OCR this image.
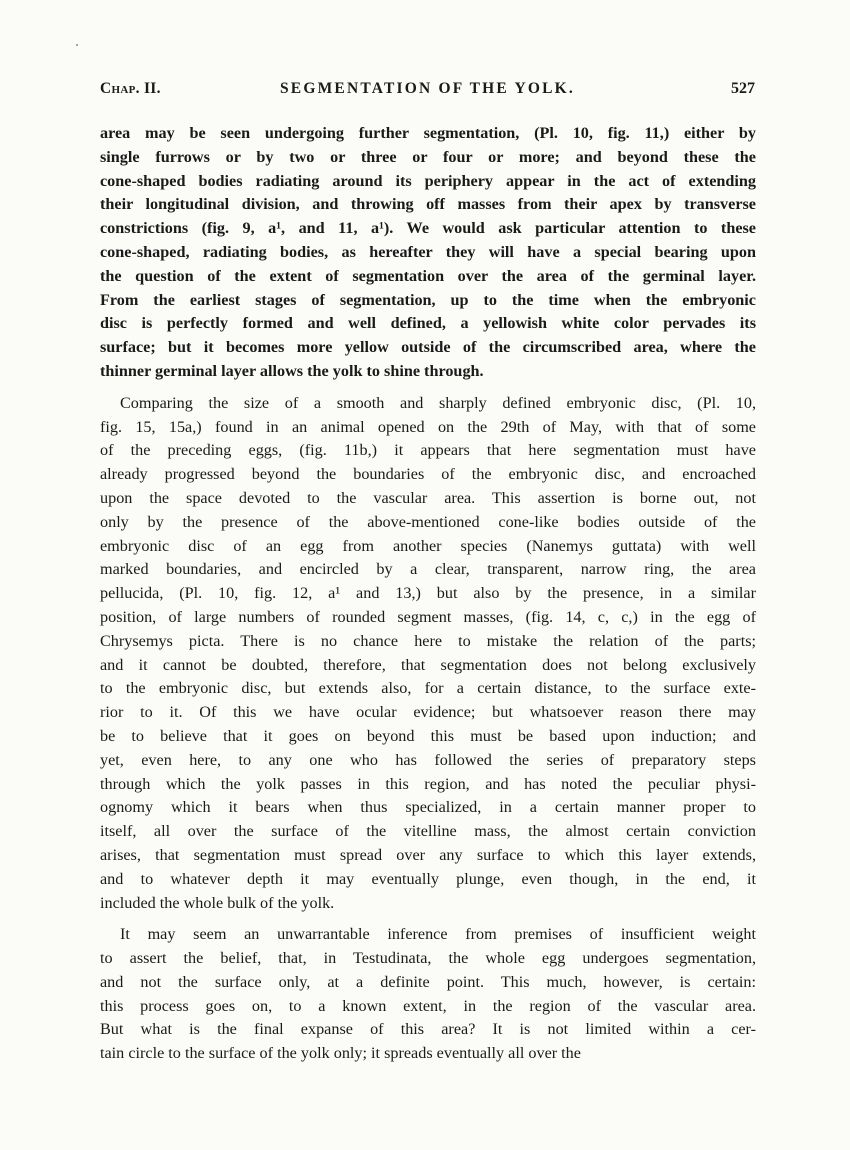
Chap. II.	SEGMENTATION OF THE YOLK.	527
area may be seen undergoing further segmentation, (Pl. 10, fig. 11,) either by
single furrows or by two or three or four or more; and beyond these the
cone-shaped bodies radiating around its periphery appear in the act of extending
their longitudinal division, and throwing off masses from their apex by transverse
constrictions (fig. 9, a¹, and 11, a¹). We would ask particular attention to these
cone-shaped, radiating bodies, as hereafter they will have a special bearing upon
the question of the extent of segmentation over the area of the germinal layer.
From the earliest stages of segmentation, up to the time when the embryonic
disc is perfectly formed and well defined, a yellowish white color pervades its
surface; but it becomes more yellow outside of the circumscribed area, where the
thinner germinal layer allows the yolk to shine through.
Comparing the size of a smooth and sharply defined embryonic disc, (Pl. 10,
fig. 15, 15a,) found in an animal opened on the 29th of May, with that of some
of the preceding eggs, (fig. 11b,) it appears that here segmentation must have
already progressed beyond the boundaries of the embryonic disc, and encroached
upon the space devoted to the vascular area. This assertion is borne out, not
only by the presence of the above-mentioned cone-like bodies outside of the
embryonic disc of an egg from another species (Nanemys guttata) with well
marked boundaries, and encircled by a clear, transparent, narrow ring, the area
pellucida, (Pl. 10, fig. 12, a¹ and 13,) but also by the presence, in a similar
position, of large numbers of rounded segment masses, (fig. 14, c, c,) in the egg of
Chrysemys picta. There is no chance here to mistake the relation of the parts;
and it cannot be doubted, therefore, that segmentation does not belong exclusively
to the embryonic disc, but extends also, for a certain distance, to the surface exte-
rior to it. Of this we have ocular evidence; but whatsoever reason there may
be to believe that it goes on beyond this must be based upon induction; and
yet, even here, to any one who has followed the series of preparatory steps
through which the yolk passes in this region, and has noted the peculiar physi-
ognomy which it bears when thus specialized, in a certain manner proper to
itself, all over the surface of the vitelline mass, the almost certain conviction
arises, that segmentation must spread over any surface to which this layer extends,
and to whatever depth it may eventually plunge, even though, in the end, it
included the whole bulk of the yolk.
It may seem an unwarrantable inference from premises of insufficient weight
to assert the belief, that, in Testudinata, the whole egg undergoes segmentation,
and not the surface only, at a definite point. This much, however, is certain:
this process goes on, to a known extent, in the region of the vascular area.
But what is the final expanse of this area? It is not limited within a cer-
tain circle to the surface of the yolk only; it spreads eventually all over the
